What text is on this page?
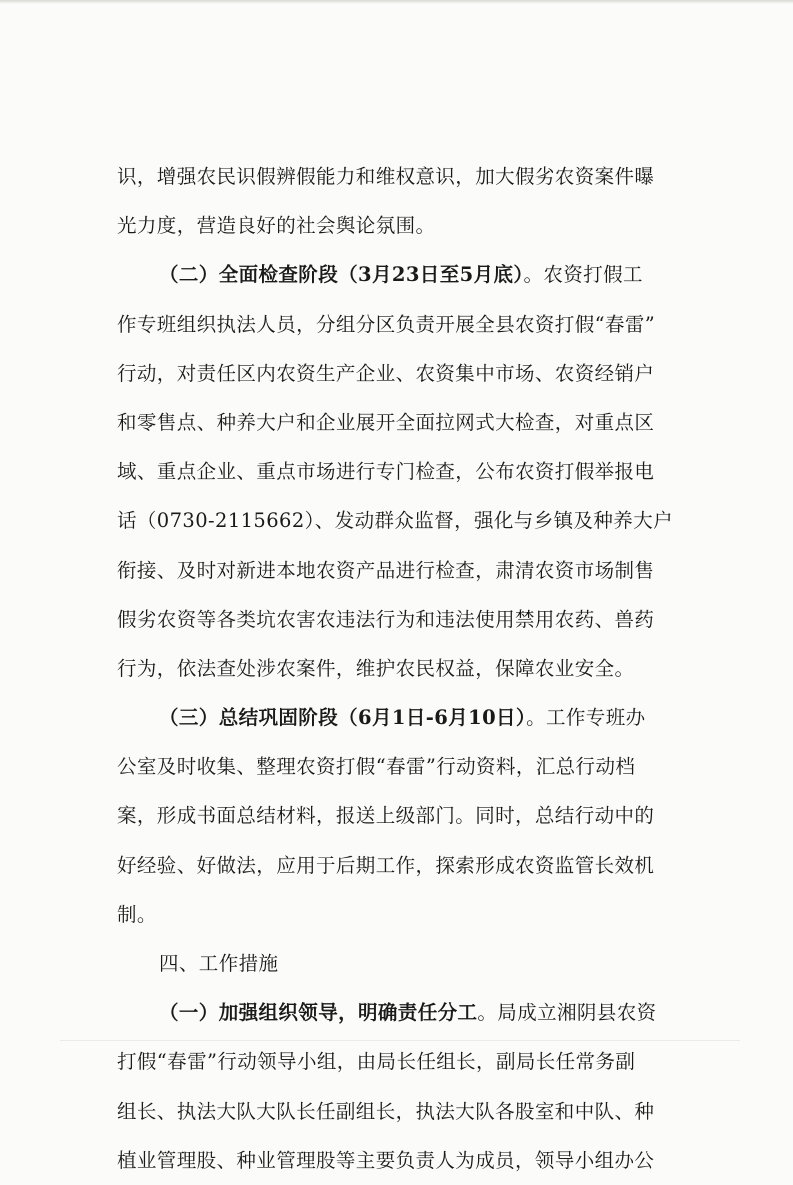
识，增强农民识假辨假能力和维权意识，加大假劣农资案件曝
光力度，营造良好的社会舆论氛围。
（二）全面检查阶段（3月23日至5月底）。农资打假工
作专班组织执法人员，分组分区负责开展全县农资打假“春雷”
行动，对责任区内农资生产企业、农资集中市场、农资经销户
和零售点、种养大户和企业展开全面拉网式大检查，对重点区
域、重点企业、重点市场进行专门检查，公布农资打假举报电
话（0730-2115662）、发动群众监督，强化与乡镇及种养大户
衔接、及时对新进本地农资产品进行检查，肃清农资市场制售
假劣农资等各类坑农害农违法行为和违法使用禁用农药、兽药
行为，依法查处涉农案件，维护农民权益，保障农业安全。
（三）总结巩固阶段（6月1日-6月10日）。工作专班办
公室及时收集、整理农资打假“春雷”行动资料，汇总行动档
案，形成书面总结材料，报送上级部门。同时，总结行动中的
好经验、好做法，应用于后期工作，探索形成农资监管长效机
制。
四、工作措施
（一）加强组织领导，明确责任分工。局成立湘阴县农资
打假“春雷”行动领导小组，由局长任组长，副局长任常务副
组长、执法大队大队长任副组长，执法大队各股室和中队、种
植业管理股、种业管理股等主要负责人为成员，领导小组办公
